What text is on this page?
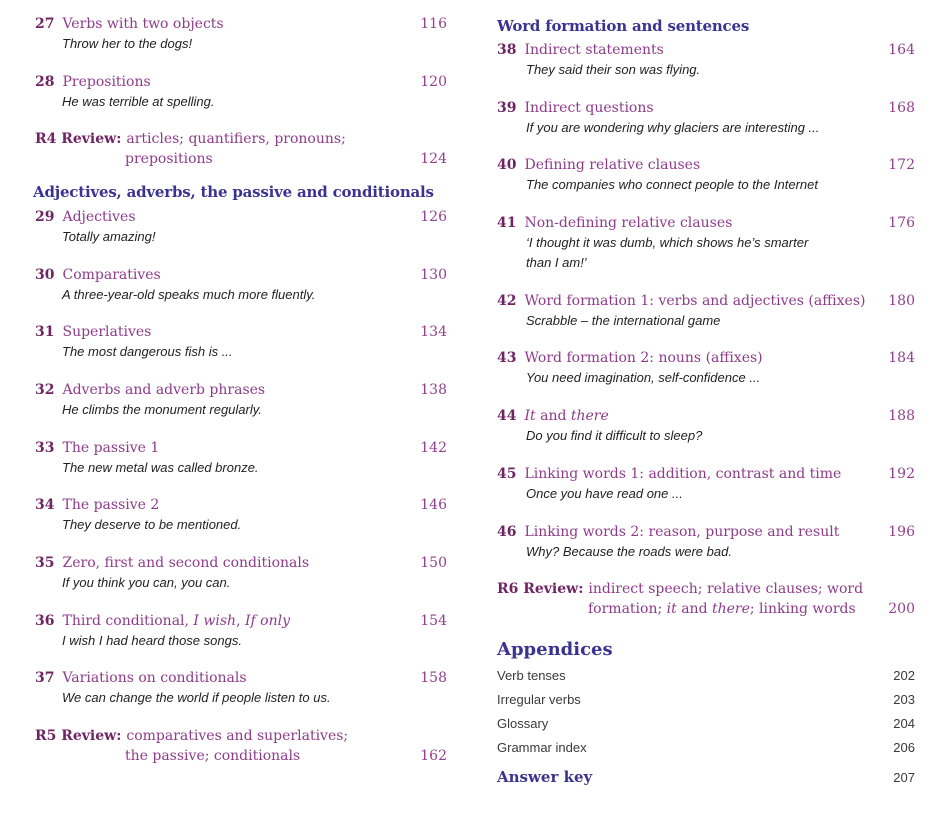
27 Verbs with two objects	116
Throw her to the dogs!
28 Prepositions	120
He was terrible at spelling.
R4 Review: articles; quantifiers, pronouns;
prepositions	124
Adjectives, adverbs, the passive and conditionals
29 Adjectives	126
Totally amazing!
30 Comparatives	130
A three-year-old speaks much more fluently.
31 Superlatives	134
The most dangerous fish is ...
32 Adverbs and adverb phrases	138
He climbs the monument regularly.
33 The passive 1	142
The new metal was called bronze.
34 The passive 2	146
They deserve to be mentioned.
35 Zero, first and second conditionals	150
If you think you can, you can.
36 Third conditional, I wish, If only	154
I wish I had heard those songs.
37 Variations on conditionals	158
We can change the world if people listen to us.
R5 Review: comparatives and superlatives;
the passive; conditionals	162
Word formation and sentences
38 Indirect statements	164
They said their son was flying.
39 Indirect questions	168
If you are wondering why glaciers are interesting ...
40 Defining relative clauses	172
The companies who connect people to the Internet
41 Non-defining relative clauses	176
‘I thought it was dumb, which shows he’s smarter
than I am!’
42 Word formation 1: verbs and adjectives (affixes) 180
Scrabble – the international game
43 Word formation 2: nouns (affixes)	184
You need imagination, self-confidence ...
44 It and there	188
Do you find it difficult to sleep?
45 Linking words 1: addition, contrast and time	192
Once you have read one ...
46 Linking words 2: reason, purpose and result	196
Why? Because the roads were bad.
R6 Review: indirect speech; relative clauses; word
formation; it and there; linking words 200
Appendices
Verb tenses	202
Irregular verbs	203
Glossary	204
Grammar index	206
Answer key	207
